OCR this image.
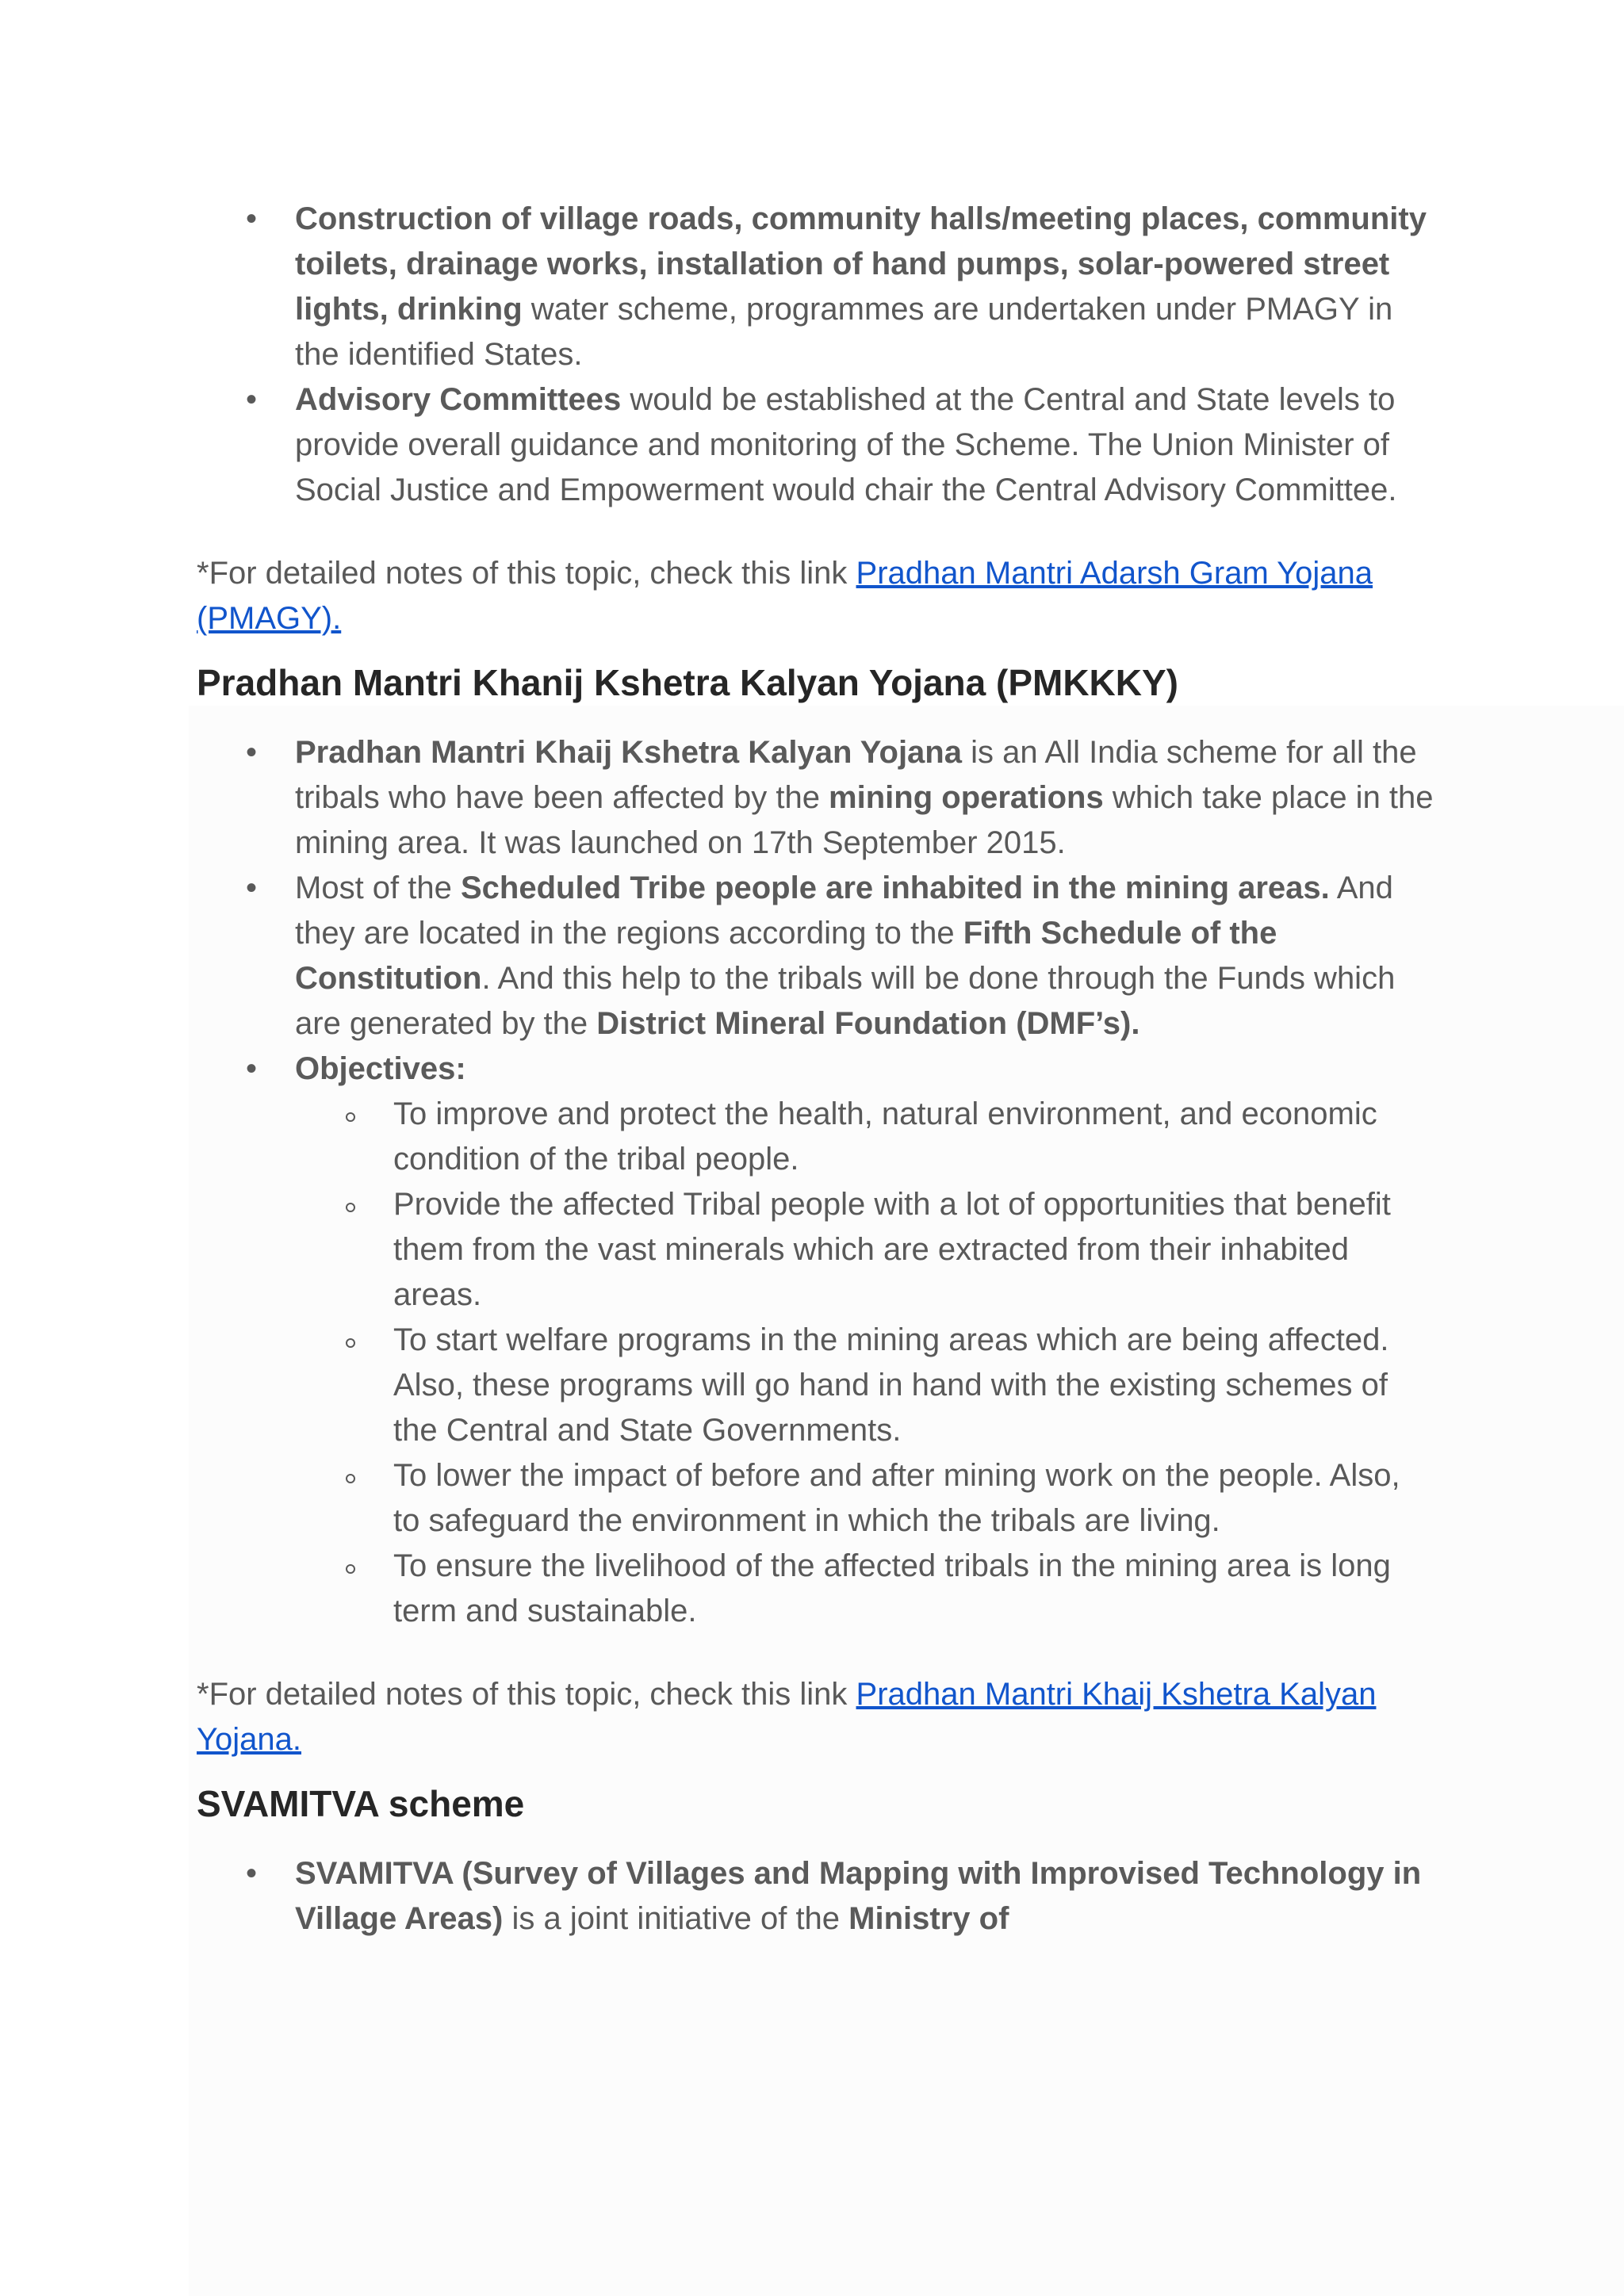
• Construction of village roads, community halls/meeting places, community toilets, drainage works, installation of hand pumps, solar-powered street lights, drinking water scheme, programmes are undertaken under PMAGY in the identified States.
• Advisory Committees would be established at the Central and State levels to provide overall guidance and monitoring of the Scheme. The Union Minister of Social Justice and Empowerment would chair the Central Advisory Committee.

*For detailed notes of this topic, check this link Pradhan Mantri Adarsh Gram Yojana (PMAGY).

Pradhan Mantri Khanij Kshetra Kalyan Yojana (PMKKKY)
• Pradhan Mantri Khaij Kshetra Kalyan Yojana is an All India scheme for all the tribals who have been affected by the mining operations which take place in the mining area. It was launched on 17th September 2015.
• Most of the Scheduled Tribe people are inhabited in the mining areas. And they are located in the regions according to the Fifth Schedule of the Constitution. And this help to the tribals will be done through the Funds which are generated by the District Mineral Foundation (DMF’s).
• Objectives:
To improve and protect the health, natural environment, and economic condition of the tribal people.
Provide the affected Tribal people with a lot of opportunities that benefit them from the vast minerals which are extracted from their inhabited areas.
To start welfare programs in the mining areas which are being affected. Also, these programs will go hand in hand with the existing schemes of the Central and State Governments.
To lower the impact of before and after mining work on the people. Also, to safeguard the environment in which the tribals are living.
To ensure the livelihood of the affected tribals in the mining area is long term and sustainable.

*For detailed notes of this topic, check this link Pradhan Mantri Khaij Kshetra Kalyan Yojana.

SVAMITVA scheme
• SVAMITVA (Survey of Villages and Mapping with Improvised Technology in Village Areas) is a joint initiative of the Ministry of
